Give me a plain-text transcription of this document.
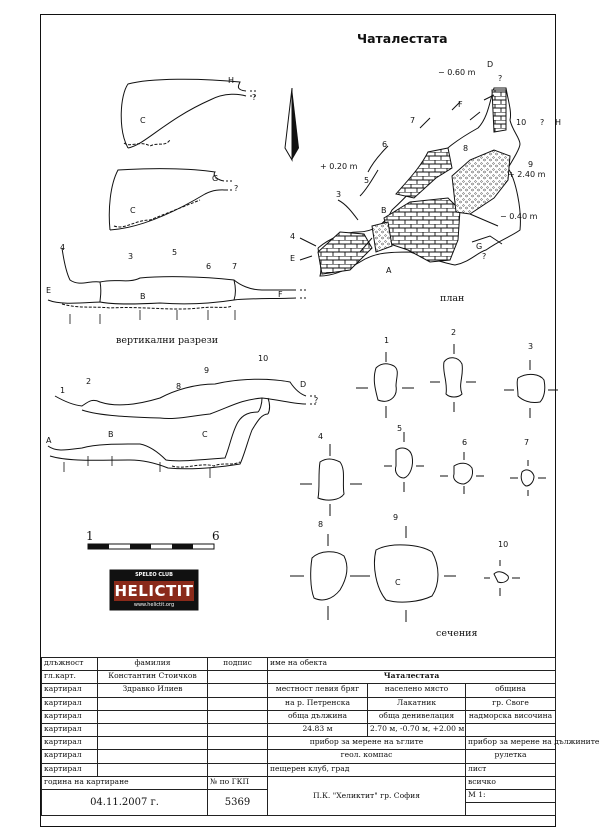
Чаталестата
D
− 0.60 m
?
F
10 ? H
7
8
6
9
+ 2.40 m
+ 0.20 m
5
3
B
− 0.40 m
4
E
G
?
A
план
C
H
?
C
G
?
4
3	5
6	7
E
B	F
вертикални разрези
10
9
8
2
1
D
?
A
B	C
1
2
3
4
5
6	7
8
9
10
C
сечения
1	6
SPELEO CLUB
HELICTIT
www.helictit.org
длъжност	фамилия	подпис	име на обекта		
гл.карт.	Константин Стоичков		Чаталестата		
картирал	Здравко Илиев		местност левия бряг	населено място	община
картирал			на р. Петренска	Лакатник	гр. Своге
картирал			обща дължина	обща денивелация	надморска височина
картирал			24.83 м	2.70 м, -0.70 м, +2.00 м	
картирал			прибор за мерене на ъглите		прибор за мерене на дължините
картирал			геол. компас		рулетка
картирал			пещерен клуб, град		лист
година на картиране		№ по ГКП	П.К. "Хеликтит" гр. София		всичко
04.11.2007 г.		5369			М 1:
